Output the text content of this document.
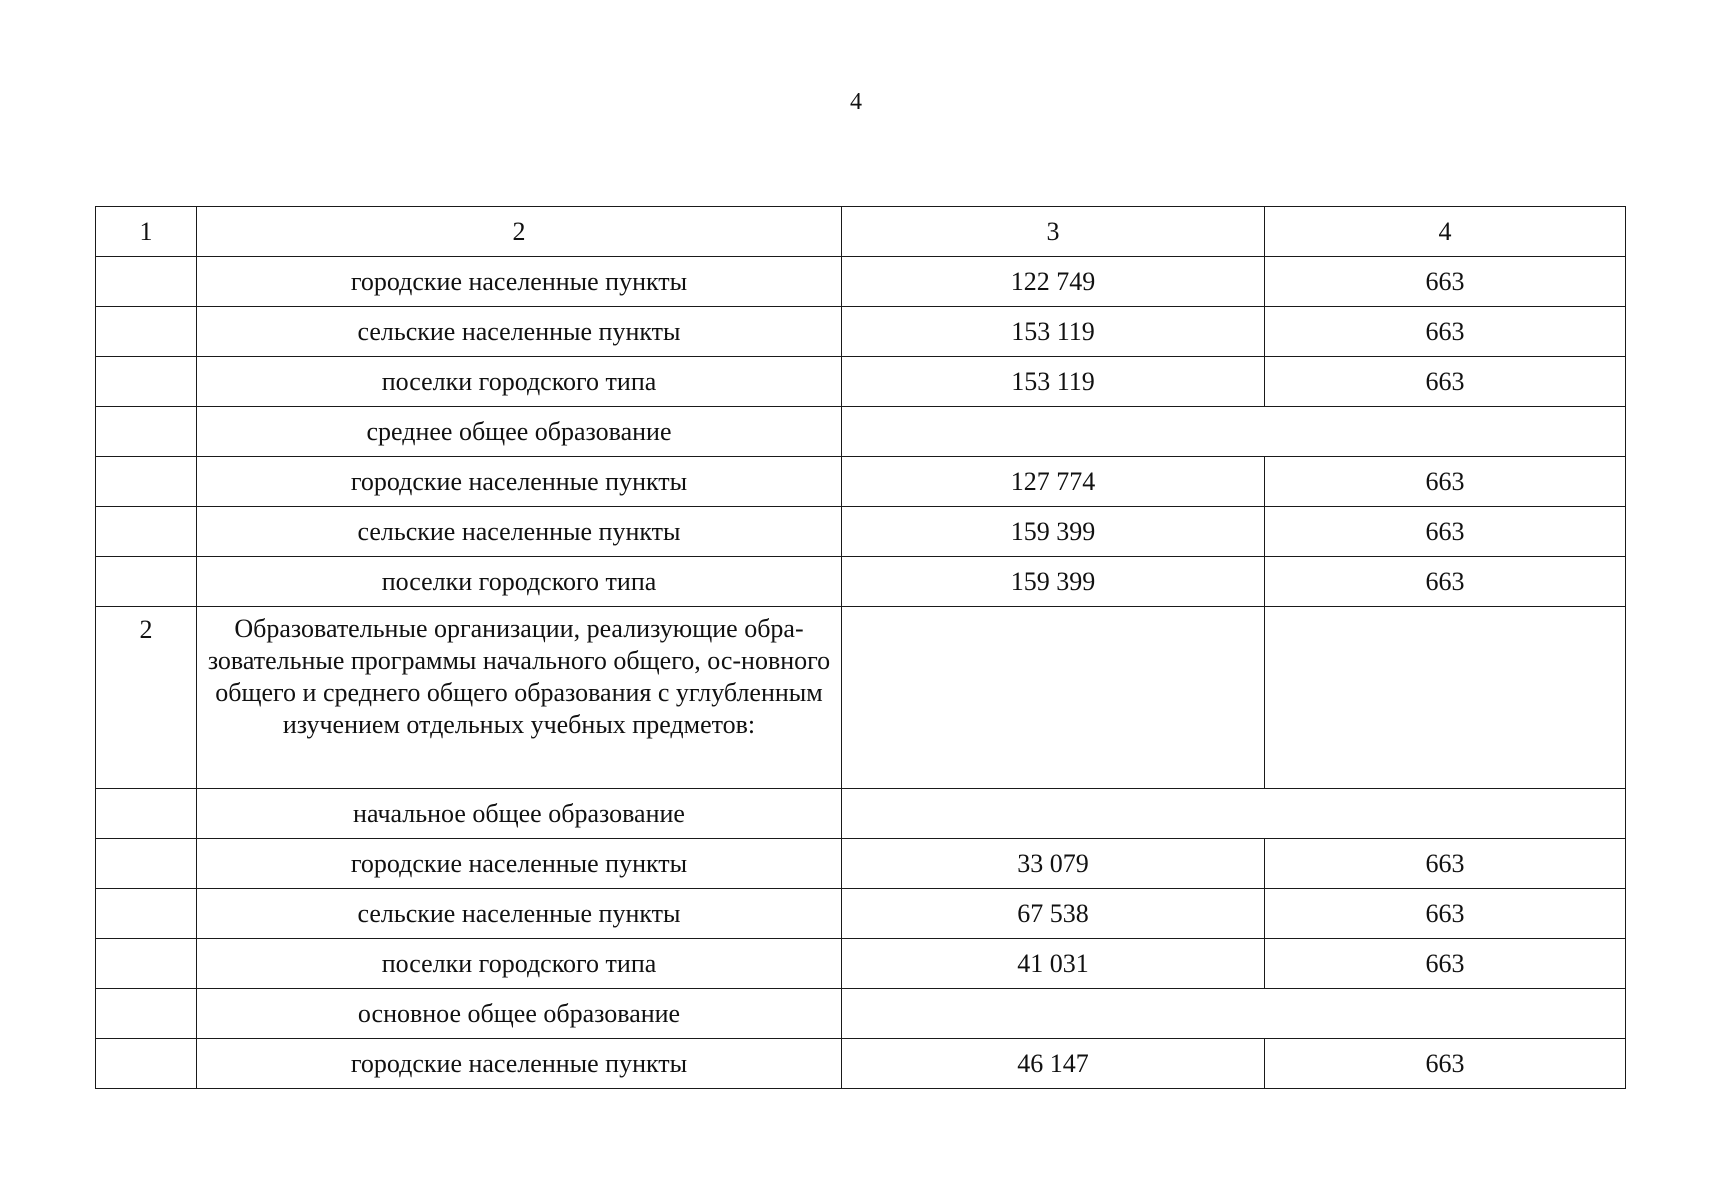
4
1	2	3	4
	городские населенные пункты	122 749	663
	сельские населенные пункты	153 119	663
	поселки городского типа	153 119	663
	среднее общее образование		
	городские населенные пункты	127 774	663
	сельские населенные пункты	159 399	663
	поселки городского типа	159 399	663
2	Образовательные организации, реализующие обра-зовательные программы начального общего, ос-новного общего и среднего общего образования с углубленным изучением отдельных учебных предметов:		
	начальное общее образование		
	городские населенные пункты	33 079	663
	сельские населенные пункты	67 538	663
	поселки городского типа	41 031	663
	основное общее образование		
	городские населенные пункты	46 147	663
